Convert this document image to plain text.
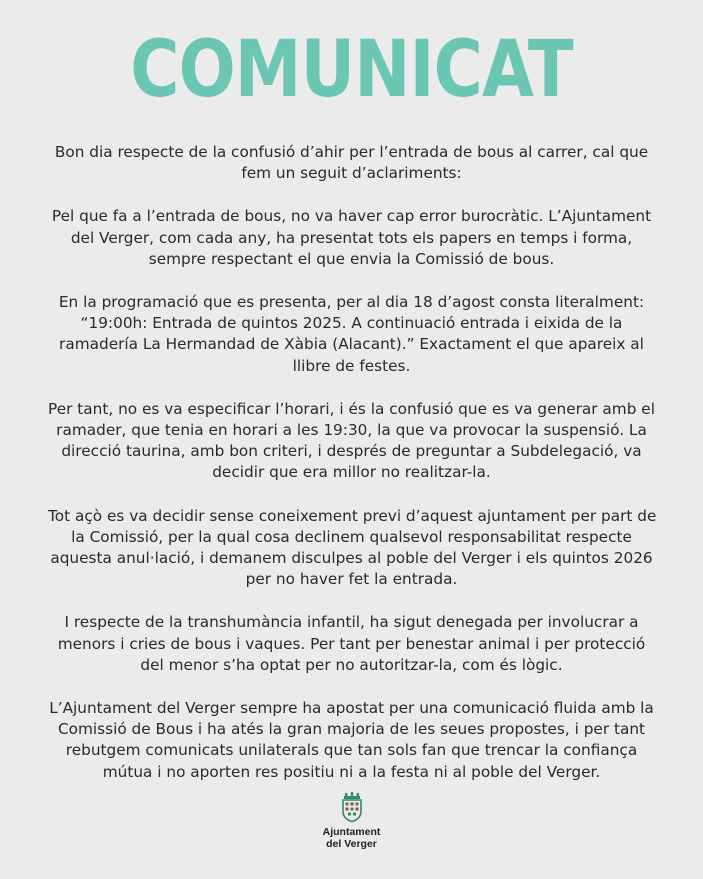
COMUNICAT

Bon dia respecte de la confusió d’ahir per l’entrada de bous al carrer, cal que
fem un seguit d’aclariments:

Pel que fa a l’entrada de bous, no va haver cap error burocràtic. L’Ajuntament
del Verger, com cada any, ha presentat tots els papers en temps i forma,
sempre respectant el que envia la Comissió de bous.

En la programació que es presenta, per al dia 18 d’agost consta literalment:
“19:00h: Entrada de quintos 2025. A continuació entrada i eixida de la
ramadería La Hermandad de Xàbia (Alacant).” Exactament el que apareix al
llibre de festes.

Per tant, no es va especificar l’horari, i és la confusió que es va generar amb el
ramader, que tenia en horari a les 19:30, la que va provocar la suspensió. La
direcció taurina, amb bon criteri, i després de preguntar a Subdelegació, va
decidir que era millor no realitzar-la.

Tot açò es va decidir sense coneixement previ d’aquest ajuntament per part de
la Comissió, per la qual cosa declinem qualsevol responsabilitat respecte
aquesta anul·lació, i demanem disculpes al poble del Verger i els quintos 2026
per no haver fet la entrada.

I respecte de la transhumància infantil, ha sigut denegada per involucrar a
menors i cries de bous i vaques. Per tant per benestar animal i per protecció
del menor s’ha optat per no autoritzar-la, com és lògic.

L’Ajuntament del Verger sempre ha apostat per una comunicació fluida amb la
Comissió de Bous i ha atés la gran majoria de les seues propostes, i per tant
rebutgem comunicats unilaterals que tan sols fan que trencar la confiança
mútua i no aporten res positiu ni a la festa ni al poble del Verger.

Ajuntament
del Verger
